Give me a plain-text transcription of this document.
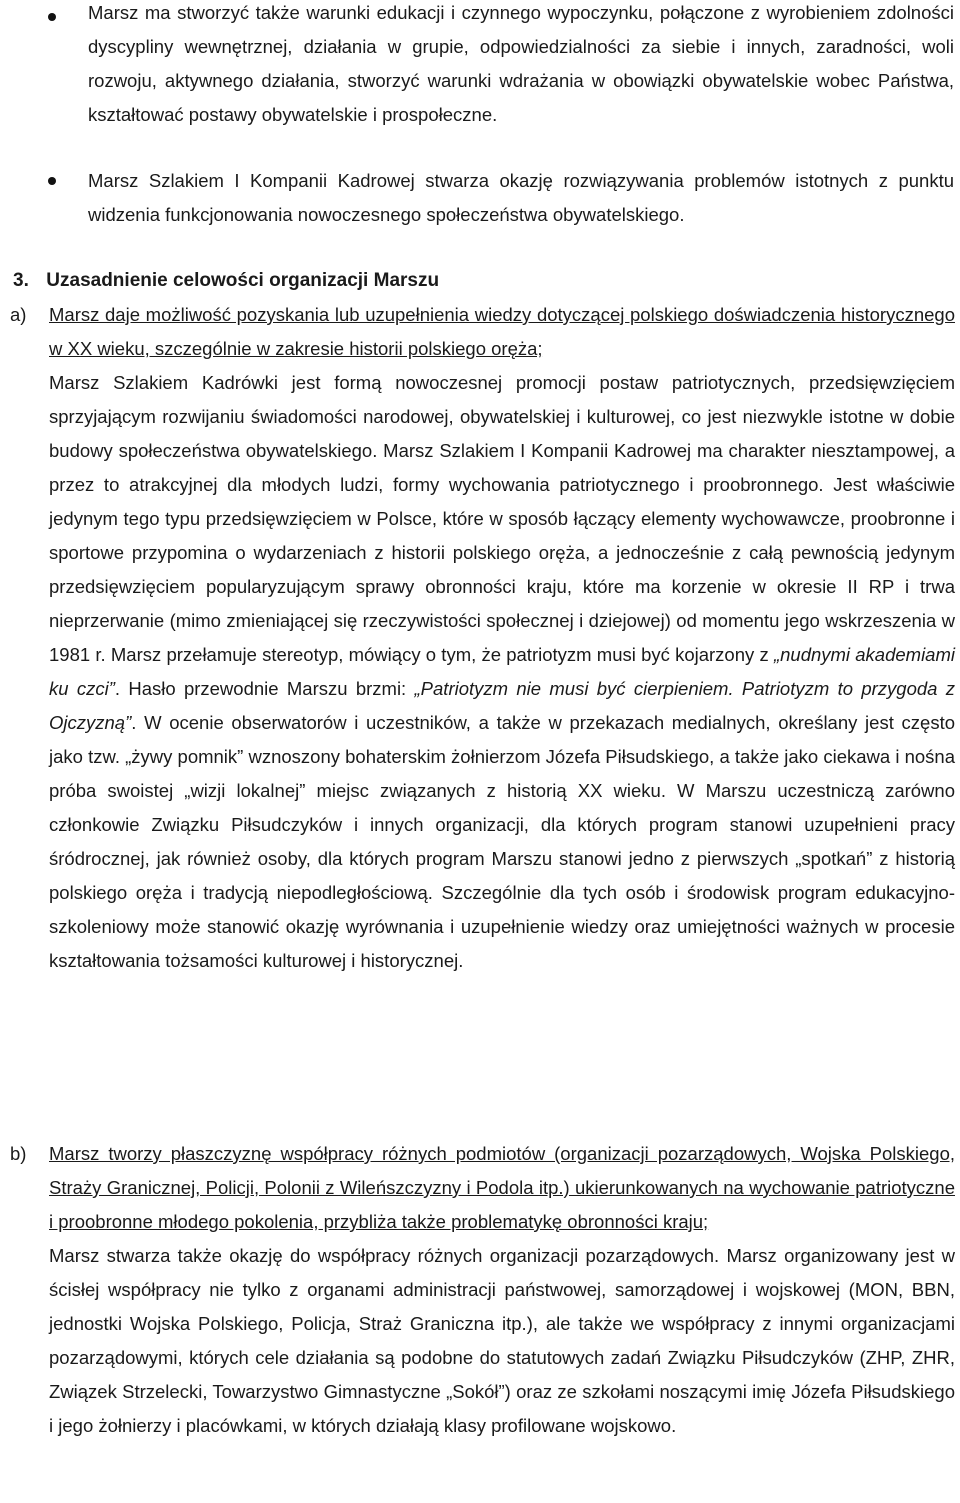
Marsz ma stworzyć także warunki edukacji i czynnego wypoczynku, połączone z wyrobieniem zdolności dyscypliny wewnętrznej, działania w grupie, odpowiedzialności za siebie i innych, zaradności, woli rozwoju, aktywnego działania, stworzyć warunki wdrażania w obowiązki obywatelskie wobec Państwa, kształtować postawy obywatelskie i prospołeczne.

Marsz Szlakiem I Kompanii Kadrowej stwarza okazję rozwiązywania problemów istotnych z punktu widzenia funkcjonowania nowoczesnego społeczeństwa obywatelskiego.

3. Uzasadnienie celowości organizacji Marszu
a) Marsz daje możliwość pozyskania lub uzupełnienia wiedzy dotyczącej polskiego doświadczenia historycznego w XX wieku, szczególnie w zakresie historii polskiego oręża;
Marsz Szlakiem Kadrówki jest formą nowoczesnej promocji postaw patriotycznych, przedsięwzięciem sprzyjającym rozwijaniu świadomości narodowej, obywatelskiej i kulturowej, co jest niezwykle istotne w dobie budowy społeczeństwa obywatelskiego. Marsz Szlakiem I Kompanii Kadrowej ma charakter niesztampowej, a przez to atrakcyjnej dla młodych ludzi, formy wychowania patriotycznego i proobronnego. Jest właściwie jedynym tego typu przedsięwzięciem w Polsce, które w sposób łączący elementy wychowawcze, proobronne i sportowe przypomina o wydarzeniach z historii polskiego oręża, a jednocześnie z całą pewnością jedynym przedsięwzięciem popularyzującym sprawy obronności kraju, które ma korzenie w okresie II RP i trwa nieprzerwanie (mimo zmieniającej się rzeczywistości społecznej i dziejowej) od momentu jego wskrzeszenia w 1981 r. Marsz przełamuje stereotyp, mówiący o tym, że patriotyzm musi być kojarzony z „nudnymi akademiami ku czci”. Hasło przewodnie Marszu brzmi: „Patriotyzm nie musi być cierpieniem. Patriotyzm to przygoda z Ojczyzną”. W ocenie obserwatorów i uczestników, a także w przekazach medialnych, określany jest często jako tzw. „żywy pomnik” wznoszony bohaterskim żołnierzom Józefa Piłsudskiego, a także jako ciekawa i nośna próba swoistej „wizji lokalnej” miejsc związanych z historią XX wieku. W Marszu uczestniczą zarówno członkowie Związku Piłsudczyków i innych organizacji, dla których program stanowi uzupełnieni pracy śródrocznej, jak również osoby, dla których program Marszu stanowi jedno z pierwszych „spotkań” z historią polskiego oręża i tradycją niepodległościową. Szczególnie dla tych osób i środowisk program edukacyjno-szkoleniowy może stanowić okazję wyrównania i uzupełnienie wiedzy oraz umiejętności ważnych w procesie kształtowania tożsamości kulturowej i historycznej.

b) Marsz tworzy płaszczyznę współpracy różnych podmiotów (organizacji pozarządowych, Wojska Polskiego, Straży Granicznej, Policji, Polonii z Wileńszczyzny i Podola itp.) ukierunkowanych na wychowanie patriotyczne i proobronne młodego pokolenia, przybliża także problematykę obronności kraju;
Marsz stwarza także okazję do współpracy różnych organizacji pozarządowych. Marsz organizowany jest w ścisłej współpracy nie tylko z organami administracji państwowej, samorządowej i wojskowej (MON, BBN, jednostki Wojska Polskiego, Policja, Straż Graniczna itp.), ale także we współpracy z innymi organizacjami pozarządowymi, których cele działania są podobne do statutowych zadań Związku Piłsudczyków (ZHP, ZHR, Związek Strzelecki, Towarzystwo Gimnastyczne „Sokół”) oraz ze szkołami noszącymi imię Józefa Piłsudskiego i jego żołnierzy i placówkami, w których działają klasy profilowane wojskowo.
